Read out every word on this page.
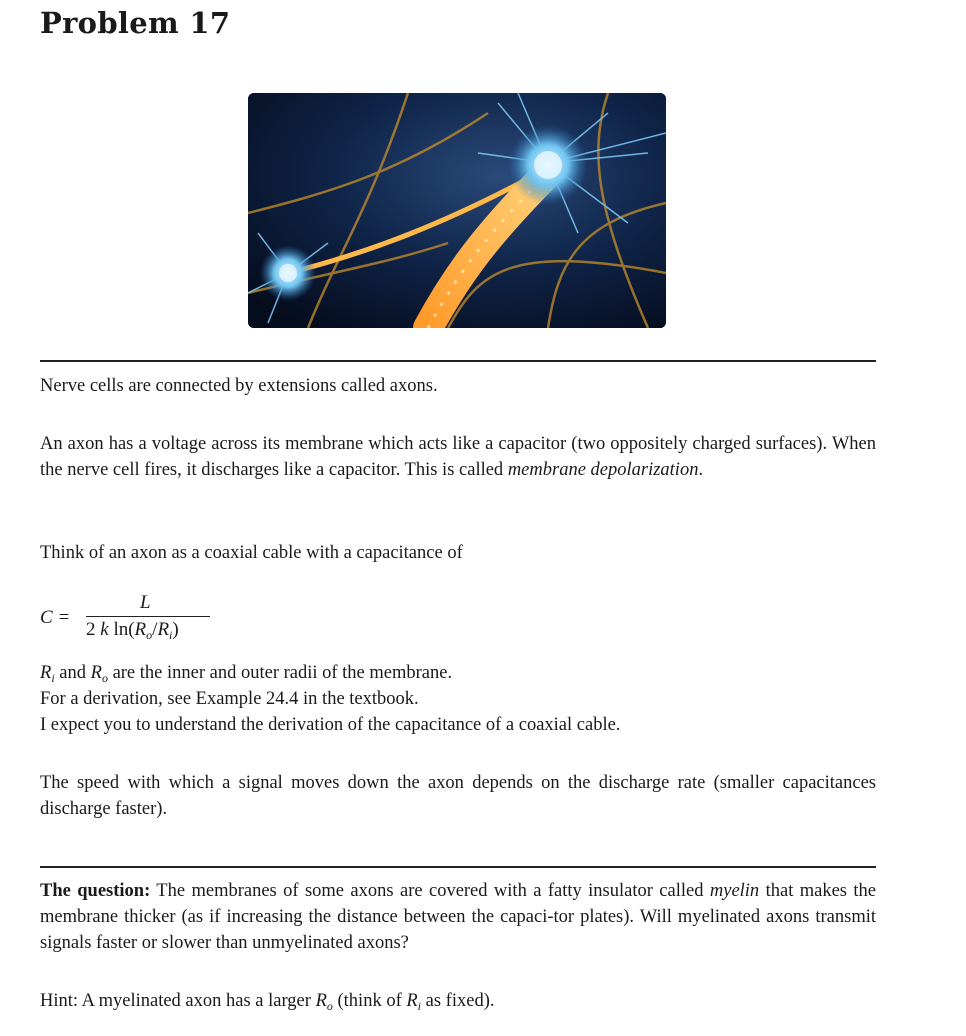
Problem 17

Nerve cells are connected by extensions called axons.

An axon has a voltage across its membrane which acts like a capacitor (two oppositely charged surfaces). When the nerve cell fires, it discharges like a capacitor. This is called membrane depolarization.

Think of an axon as a coaxial cable with a capacitance of

C =
L
2 k $\ln(R_o/R_i)$

$R_i$ and $R_o$ are the inner and outer radii of the membrane.

For a derivation, see Example 24.4 in the textbook.

I expect you to understand the derivation of the capacitance of a coaxial cable.

The speed with which a signal moves down the axon depends on the discharge rate (smaller capacitances discharge faster).

The question: The membranes of some axons are covered with a fatty insulator called myelin that makes the membrane thicker (as if increasing the distance between the capaci-tor plates). Will myelinated axons transmit signals faster or slower than unmyelinated axons?

Hint: A myelinated axon has a larger $R_o$ (think of $R_i$ as fixed).
